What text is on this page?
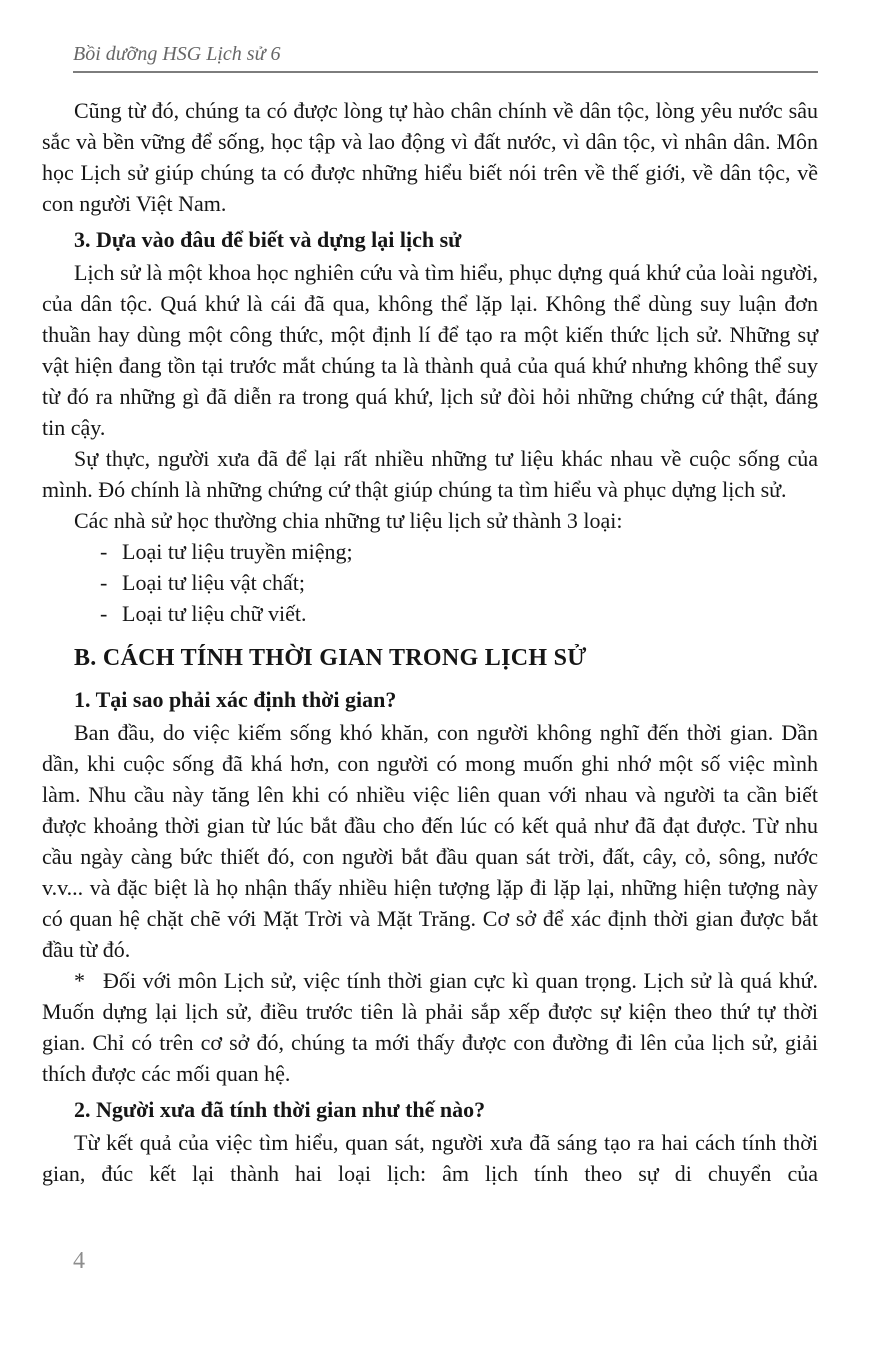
Bồi dưỡng HSG Lịch sử 6

Cũng từ đó, chúng ta có được lòng tự hào chân chính về dân tộc, lòng yêu nước sâu sắc và bền vững để sống, học tập và lao động vì đất nước, vì dân tộc, vì nhân dân. Môn học Lịch sử giúp chúng ta có được những hiểu biết nói trên về thế giới, về dân tộc, về con người Việt Nam.

3. Dựa vào đâu để biết và dựng lại lịch sử

Lịch sử là một khoa học nghiên cứu và tìm hiểu, phục dựng quá khứ của loài người, của dân tộc. Quá khứ là cái đã qua, không thể lặp lại. Không thể dùng suy luận đơn thuần hay dùng một công thức, một định lí để tạo ra một kiến thức lịch sử. Những sự vật hiện đang tồn tại trước mắt chúng ta là thành quả của quá khứ nhưng không thể suy từ đó ra những gì đã diễn ra trong quá khứ, lịch sử đòi hỏi những chứng cứ thật, đáng tin cậy.

Sự thực, người xưa đã để lại rất nhiều những tư liệu khác nhau về cuộc sống của mình. Đó chính là những chứng cứ thật giúp chúng ta tìm hiểu và phục dựng lịch sử.

Các nhà sử học thường chia những tư liệu lịch sử thành 3 loại:

- Loại tư liệu truyền miệng;
- Loại tư liệu vật chất;
- Loại tư liệu chữ viết.
B. CÁCH TÍNH THỜI GIAN TRONG LỊCH SỬ
1. Tại sao phải xác định thời gian?

Ban đầu, do việc kiếm sống khó khăn, con người không nghĩ đến thời gian. Dần dần, khi cuộc sống đã khá hơn, con người có mong muốn ghi nhớ một số việc mình làm. Nhu cầu này tăng lên khi có nhiều việc liên quan với nhau và người ta cần biết được khoảng thời gian từ lúc bắt đầu cho đến lúc có kết quả như đã đạt được. Từ nhu cầu ngày càng bức thiết đó, con người bắt đầu quan sát trời, đất, cây, cỏ, sông, nước v.v... và đặc biệt là họ nhận thấy nhiều hiện tượng lặp đi lặp lại, những hiện tượng này có quan hệ chặt chẽ với Mặt Trời và Mặt Trăng. Cơ sở để xác định thời gian được bắt đầu từ đó.

* Đối với môn Lịch sử, việc tính thời gian cực kì quan trọng. Lịch sử là quá khứ. Muốn dựng lại lịch sử, điều trước tiên là phải sắp xếp được sự kiện theo thứ tự thời gian. Chỉ có trên cơ sở đó, chúng ta mới thấy được con đường đi lên của lịch sử, giải thích được các mối quan hệ.

2. Người xưa đã tính thời gian như thế nào?

Từ kết quả của việc tìm hiểu, quan sát, người xưa đã sáng tạo ra hai cách tính thời gian, đúc kết lại thành hai loại lịch: âm lịch tính theo sự di chuyển của

4
